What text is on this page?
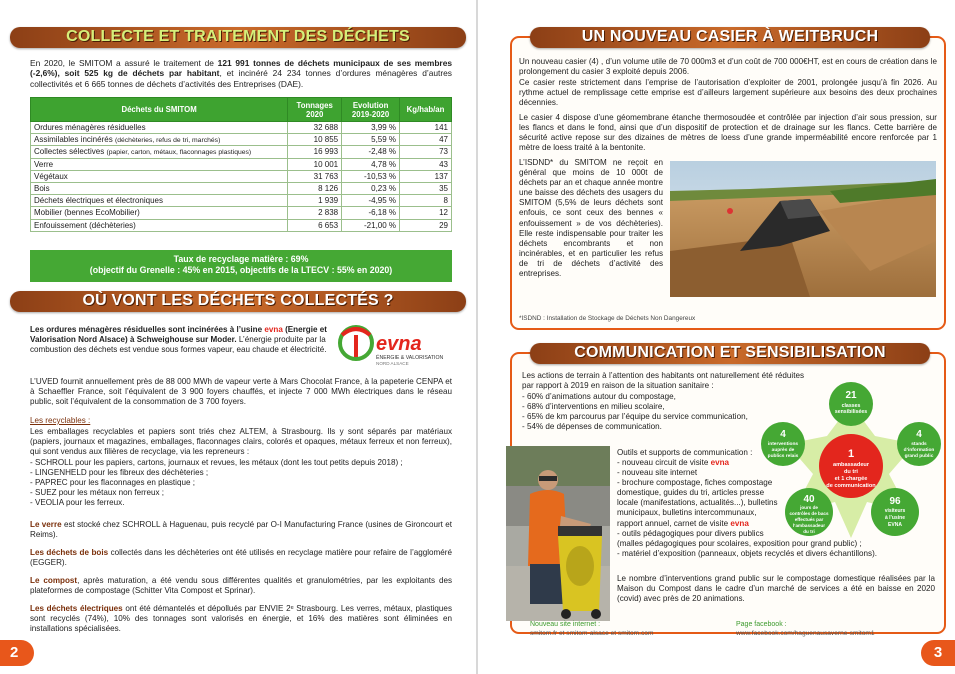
COLLECTE ET TRAITEMENT DES DÉCHETS
En 2020, le SMITOM a assuré le traitement de 121 991 tonnes de déchets municipaux de ses membres (-2,6%), soit 525 kg de déchets par habitant, et incinéré 24 234 tonnes d’ordures ménagères d’autres collectivités et 6 665 tonnes de déchets d’activités des Entreprises (DAE).
Déchets du SMITOM	Tonnages 2020	Evolution 2019-2020	Kg/hab/an
Ordures ménagères résiduelles	32 688	3,99 %	141
Assimilables incinérés (déchèteries, refus de tri, marchés)	10 855	5,59 %	47
Collectes sélectives (papier, carton, métaux, flaconnages plastiques)	16 993	-2,48 %	73
Verre	10 001	4,78 %	43
Végétaux	31 763	-10,53 %	137
Bois	8 126	0,23 %	35
Déchets électriques et électroniques	1 939	-4,95 %	8
Mobilier (bennes EcoMobilier)	2 838	-6,18 %	12
Enfouissement (déchèteries)	6 653	-21,00 %	29
Taux de recyclage matière : 69%
(objectif du Grenelle : 45% en 2015, objectifs de la LTECV : 55% en 2020)
OÙ VONT LES DÉCHETS COLLECTÉS ?
Les ordures ménagères résiduelles sont incinérées à l’usine evna (Energie et Valorisation Nord Alsace) à Schweighouse sur Moder. L’énergie produite par la combustion des déchets est vendue sous formes vapeur, eau chaude et électricité. evna
ÉNERGIE & VALORISATION
NORD ALSACE
L’UVED fournit annuellement près de 88 000 MWh de vapeur verte à Mars Chocolat France, à la papeterie CENPA et à Schaeffler France, soit l’équivalent de 3 900 foyers chauffés, et injecte 7 000 MWh électriques dans le réseau public, soit l’équivalent de la consommation de 3 700 foyers.
Les recyclables :
Les emballages recyclables et papiers sont triés chez ALTEM, à Strasbourg. Ils y sont séparés par matériaux (papiers, journaux et magazines, emballages, flaconnages clairs, colorés et opaques, métaux ferreux et non ferreux), qui sont vendus aux filières de recyclage, via les repreneurs :
- SCHROLL pour les papiers, cartons, journaux et revues, les métaux (dont les tout petits depuis 2018) ;
- LINGENHELD pour les fibreux des déchèteries ;
- PAPREC pour les flaconnages en plastique ;
- SUEZ pour les métaux non ferreux ;
- VEOLIA pour les ferreux.
Le verre est stocké chez SCHROLL à Haguenau, puis recyclé par O-I Manufacturing France (usines de Gironcourt et Reims).
Les déchets de bois collectés dans les déchèteries ont été utilisés en recyclage matière pour refaire de l’aggloméré (EGGER).
Le compost, après maturation, a été vendu sous différentes qualités et granulométries, par les exploitants des plateformes de compostage (Schitter Vita Compost et Sprinar).
Les déchets électriques ont été démantelés et dépollués par ENVIE 2ᵉ Strasbourg. Les verres, métaux, plastiques sont recyclés (74%), 10% des tonnages sont valorisés en énergie, et 16% des matières sont éliminées en installations spécialisées.
2
UN NOUVEAU CASIER À WEITBRUCH
Un nouveau casier (4) , d’un volume utile de 70 000m3 et d’un coût de 700 000€HT, est en cours de création dans le prolongement du casier 3 exploité depuis 2006.
Ce casier reste strictement dans l’emprise de l’autorisation d’exploiter de 2001, prolongée jusqu’à fin 2026. Au rythme actuel de remplissage cette emprise est d’ailleurs largement supérieure aux besoins des deux prochaines décennies.
Le casier 4 dispose d’une géomembrane étanche thermosoudée et contrôlée par injection d’air sous pression, sur les flancs et dans le fond, ainsi que d’un dispositif de protection et de drainage sur les flancs. Cette barrière de sécurité active repose sur des dizaines de mètres de loess d’une grande imperméabilité encore renforcée par 1 mètre de loess traité à la bentonite.
L’ISDND* du SMITOM ne reçoit en général que moins de 10 000t de déchets par an et chaque année montre une baisse des déchets des usagers du SMITOM (5,5% de leurs déchets sont enfouis, ce sont ceux des bennes « enfouissement » de vos déchèteries). Elle reste indispensable pour traiter les déchets encombrants et non incinérables, et en particulier les refus de tri de déchets d’activité des entreprises.
*ISDND : Installation de Stockage de Déchets Non Dangereux
COMMUNICATION ET SENSIBILISATION
Les actions de terrain à l’attention des habitants ont naturellement été réduites par rapport à 2019 en raison de la situation sanitaire :
- 60% d’animations autour du compostage,
- 68% d’interventions en milieu scolaire,
- 65% de km parcourus par l’équipe du service communication,
- 54% de dépenses de communication.
Outils et supports de communication :
- nouveau circuit de visite evna
- nouveau site internet
- brochure compostage, fiches compostage
domestique, guides du tri, articles presse
locale (manifestations, actualités...), bulletins
municipaux, bulletins intercommunaux,
rapport annuel, carnet de visite evna
- outils pédagogiques pour divers publics
(malles pédagogiques pour scolaires, exposition pour grand public) ;
- matériel d’exposition (panneaux, objets recyclés et divers échantillons).
Le nombre d’interventions grand public sur le compostage domestique réalisées par la Maison du Compost dans le cadre d’un marché de services a été en baisse en 2020 (covid) avec près de 20 animations.
Nouveau site internet :
smitom.fr et smitom-alsace et smitom.com
Page facebook :
www.facebook.com/haguenausaverne-smitom1
3
21
classes
sensibilisées
4
interventions
auprès de
publics relais
4
stands
d’information
grand public
1
ambassadeur
du tri
et 1 chargée
de communication
40
jours de
contrôles de bacs
effectués par
l’ambassadeur
du tri
96
visiteurs
à l’usine
EVNA
